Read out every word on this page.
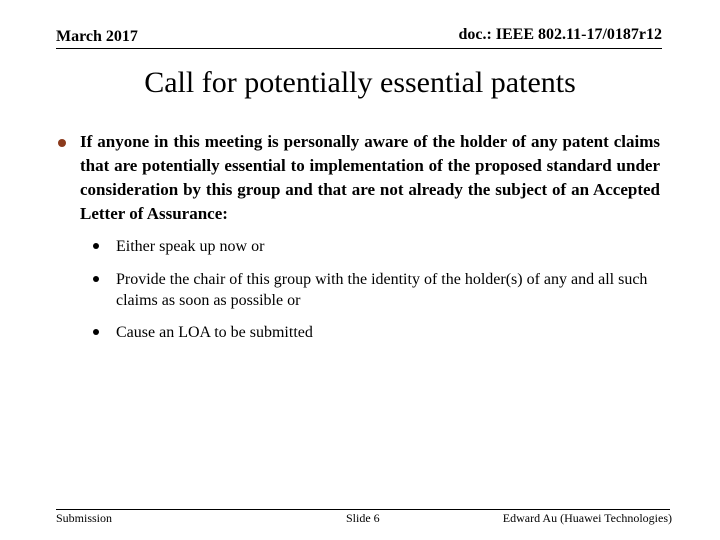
March 2017	doc.: IEEE 802.11-17/0187r12
Call for potentially essential patents
If anyone in this meeting is personally aware of the holder of any patent claims that are potentially essential to implementation of the proposed standard under consideration by this group and that are not already the subject of an Accepted Letter of Assurance:
Either speak up now or
Provide the chair of this group with the identity of the holder(s) of any and all such claims as soon as possible or
Cause an LOA to be submitted
Submission	Slide 6	Edward Au (Huawei Technologies)
